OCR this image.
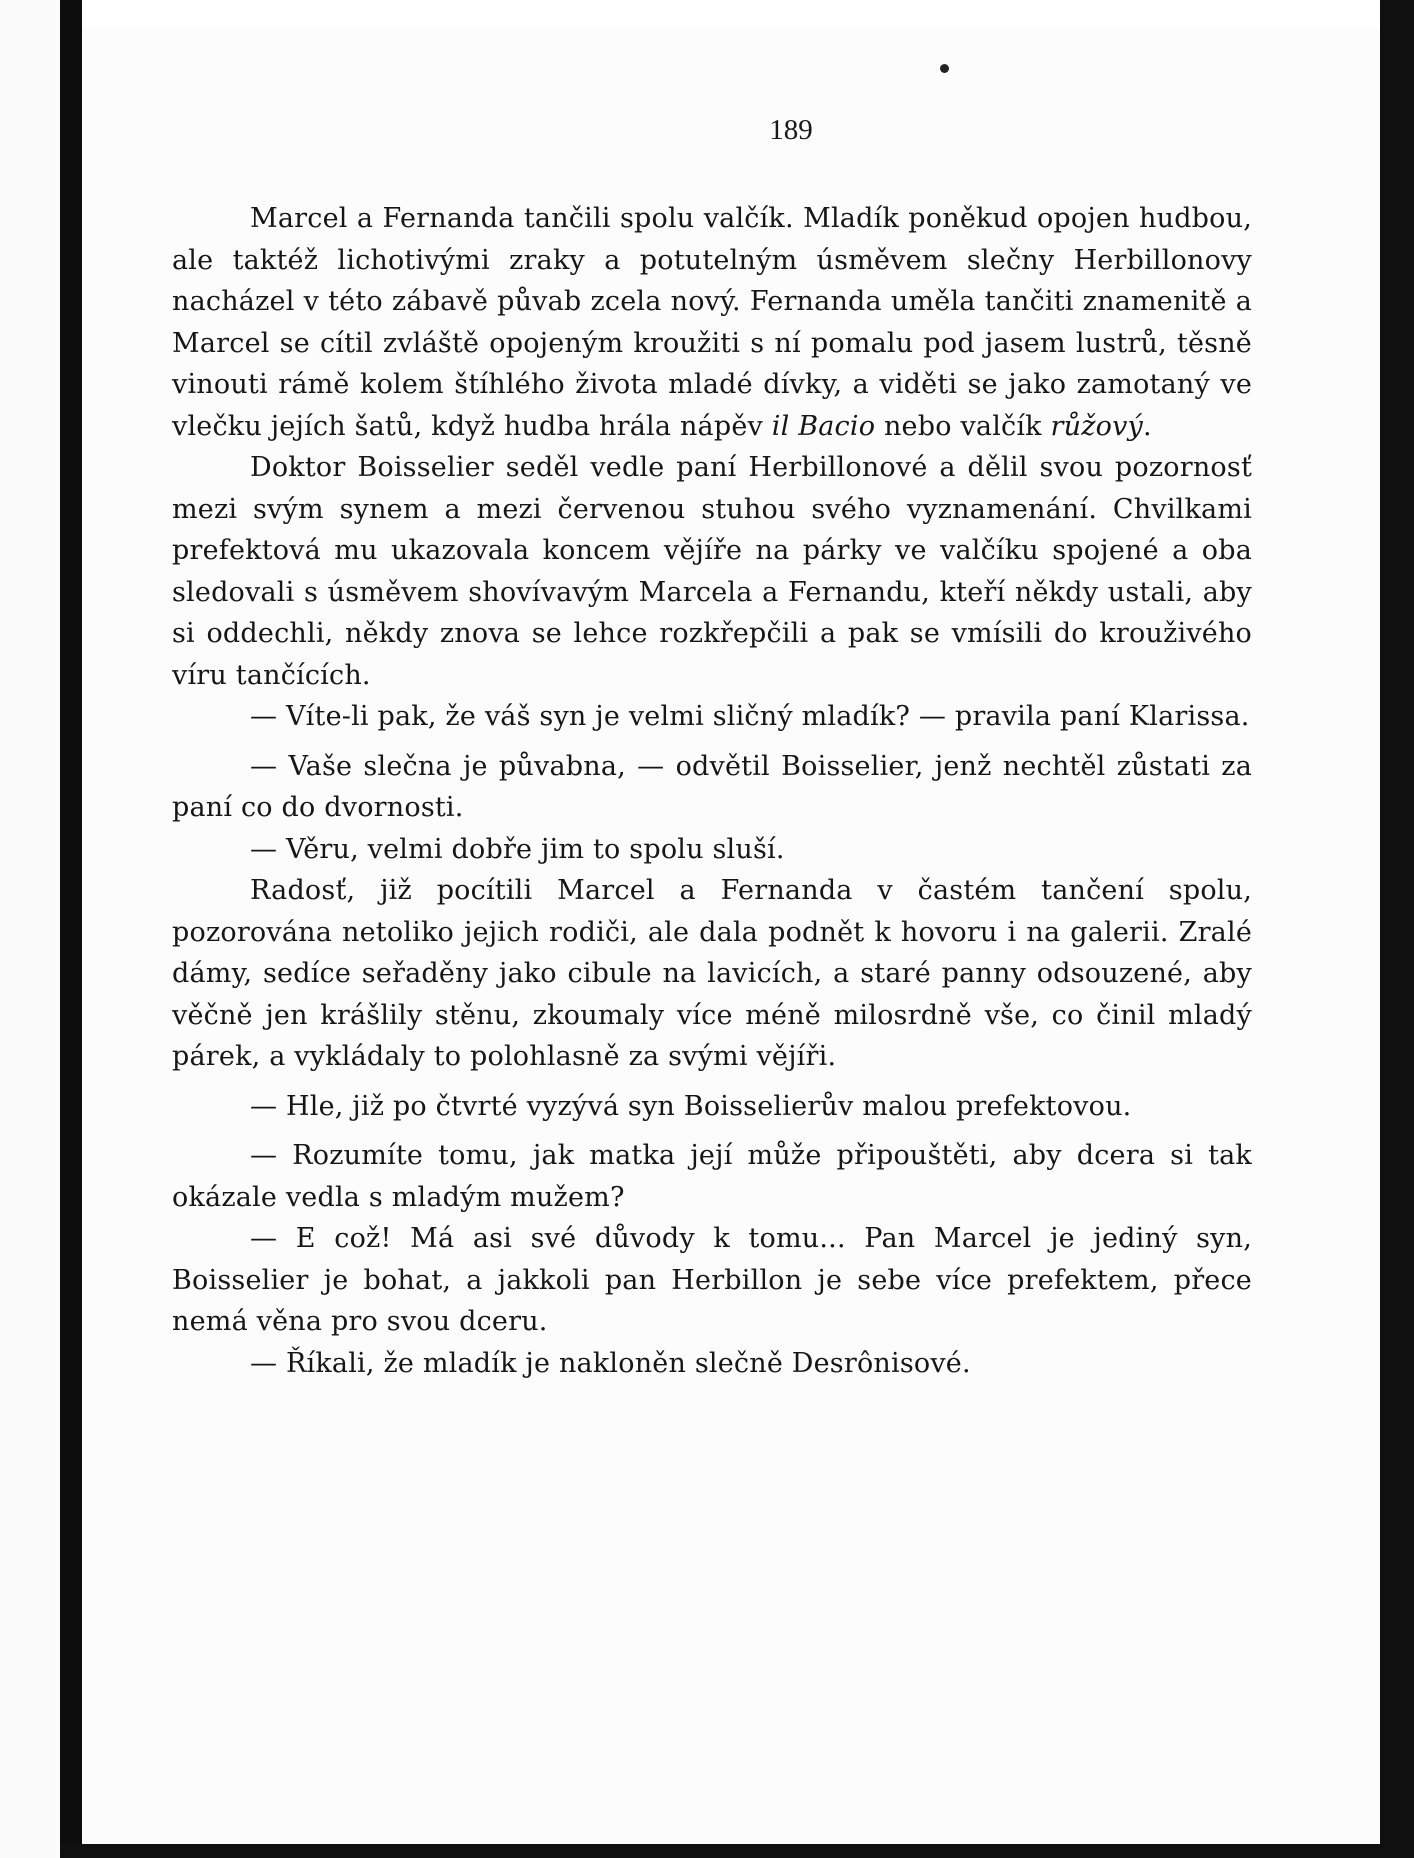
189

Marcel a Fernanda tančili spolu valčík. Mladík poněkud opojen hudbou, ale taktéž lichotivými zraky a potutelným úsměvem slečny Herbillonovy nacházel v této zábavě půvab zcela nový. Fernanda uměla tančiti znamenitě a Marcel se cítil zvláště opojeným kroužiti s ní pomalu pod jasem lustrů, těsně vinouti rámě kolem štíhlého života mladé dívky, a viděti se jako zamotaný ve vlečku jejích šatů, když hudba hrála nápěv il Bacio nebo valčík růžový.

Doktor Boisselier seděl vedle paní Herbillonové a dělil svou pozornosť mezi svým synem a mezi červenou stuhou svého vyznamenání. Chvilkami prefektová mu ukazovala koncem vějíře na párky ve valčíku spojené a oba sledovali s úsměvem shovívavým Marcela a Fernandu, kteří někdy ustali, aby si oddechli, někdy znova se lehce rozkřepčili a pak se vmísili do krouživého víru tančících.

— Víte-li pak, že váš syn je velmi sličný mladík? — pravila paní Klarissa.

— Vaše slečna je půvabna, — odvětil Boisselier, jenž nechtěl zůstati za paní co do dvornosti.

— Věru, velmi dobře jim to spolu sluší.

Radosť, již pocítili Marcel a Fernanda v častém tančení spolu, pozorována netoliko jejich rodiči, ale dala podnět k hovoru i na galerii. Zralé dámy, sedíce seřaděny jako cibule na lavicích, a staré panny odsouzené, aby věčně jen krášlily stěnu, zkoumaly více méně milosrdně vše, co činil mladý párek, a vykládaly to polohlasně za svými vějíři.

— Hle, již po čtvrté vyzývá syn Boisselierův malou prefektovou.

— Rozumíte tomu, jak matka její může připouštěti, aby dcera si tak okázale vedla s mladým mužem?

— E což! Má asi své důvody k tomu... Pan Marcel je jediný syn, Boisselier je bohat, a jakkoli pan Herbillon je sebe více prefektem, přece nemá věna pro svou dceru.

— Říkali, že mladík je nakloněn slečně Desrônisové.
